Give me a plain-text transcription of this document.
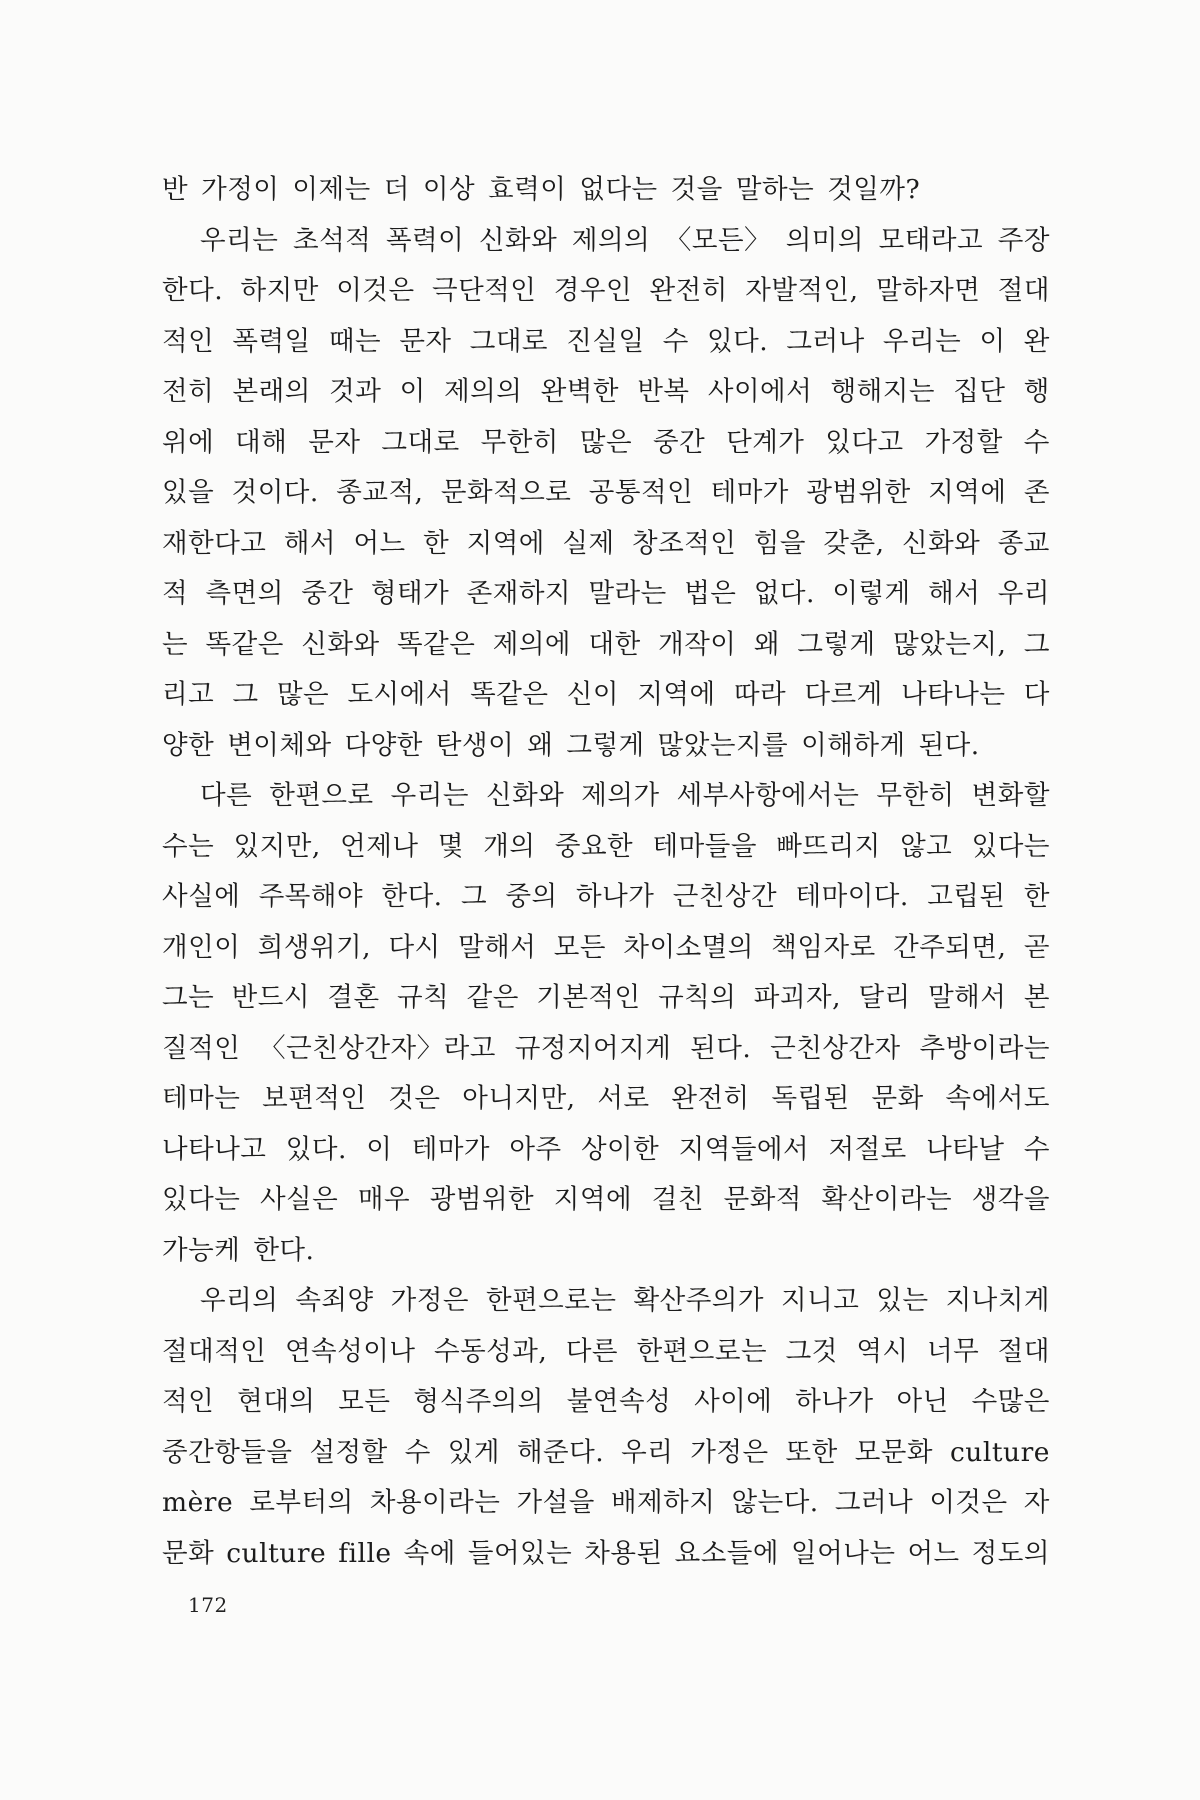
반 가정이 이제는 더 이상 효력이 없다는 것을 말하는 것일까?
우리는 초석적 폭력이 신화와 제의의 〈모든〉 의미의 모태라고 주장
한다. 하지만 이것은 극단적인 경우인 완전히 자발적인, 말하자면 절대
적인 폭력일 때는 문자 그대로 진실일 수 있다. 그러나 우리는 이 완
전히 본래의 것과 이 제의의 완벽한 반복 사이에서 행해지는 집단 행
위에 대해 문자 그대로 무한히 많은 중간 단계가 있다고 가정할 수
있을 것이다. 종교적, 문화적으로 공통적인 테마가 광범위한 지역에 존
재한다고 해서 어느 한 지역에 실제 창조적인 힘을 갖춘, 신화와 종교
적 측면의 중간 형태가 존재하지 말라는 법은 없다. 이렇게 해서 우리
는 똑같은 신화와 똑같은 제의에 대한 개작이 왜 그렇게 많았는지, 그
리고 그 많은 도시에서 똑같은 신이 지역에 따라 다르게 나타나는 다
양한 변이체와 다양한 탄생이 왜 그렇게 많았는지를 이해하게 된다.
다른 한편으로 우리는 신화와 제의가 세부사항에서는 무한히 변화할
수는 있지만, 언제나 몇 개의 중요한 테마들을 빠뜨리지 않고 있다는
사실에 주목해야 한다. 그 중의 하나가 근친상간 테마이다. 고립된 한
개인이 희생위기, 다시 말해서 모든 차이소멸의 책임자로 간주되면, 곧
그는 반드시 결혼 규칙 같은 기본적인 규칙의 파괴자, 달리 말해서 본
질적인 〈근친상간자〉라고 규정지어지게 된다. 근친상간자 추방이라는
테마는 보편적인 것은 아니지만, 서로 완전히 독립된 문화 속에서도
나타나고 있다. 이 테마가 아주 상이한 지역들에서 저절로 나타날 수
있다는 사실은 매우 광범위한 지역에 걸친 문화적 확산이라는 생각을
가능케 한다.
우리의 속죄양 가정은 한편으로는 확산주의가 지니고 있는 지나치게
절대적인 연속성이나 수동성과, 다른 한편으로는 그것 역시 너무 절대
적인 현대의 모든 형식주의의 불연속성 사이에 하나가 아닌 수많은
중간항들을 설정할 수 있게 해준다. 우리 가정은 또한 모문화 culture
mère 로부터의 차용이라는 가설을 배제하지 않는다. 그러나 이것은 자
문화 culture fille 속에 들어있는 차용된 요소들에 일어나는 어느 정도의
172
